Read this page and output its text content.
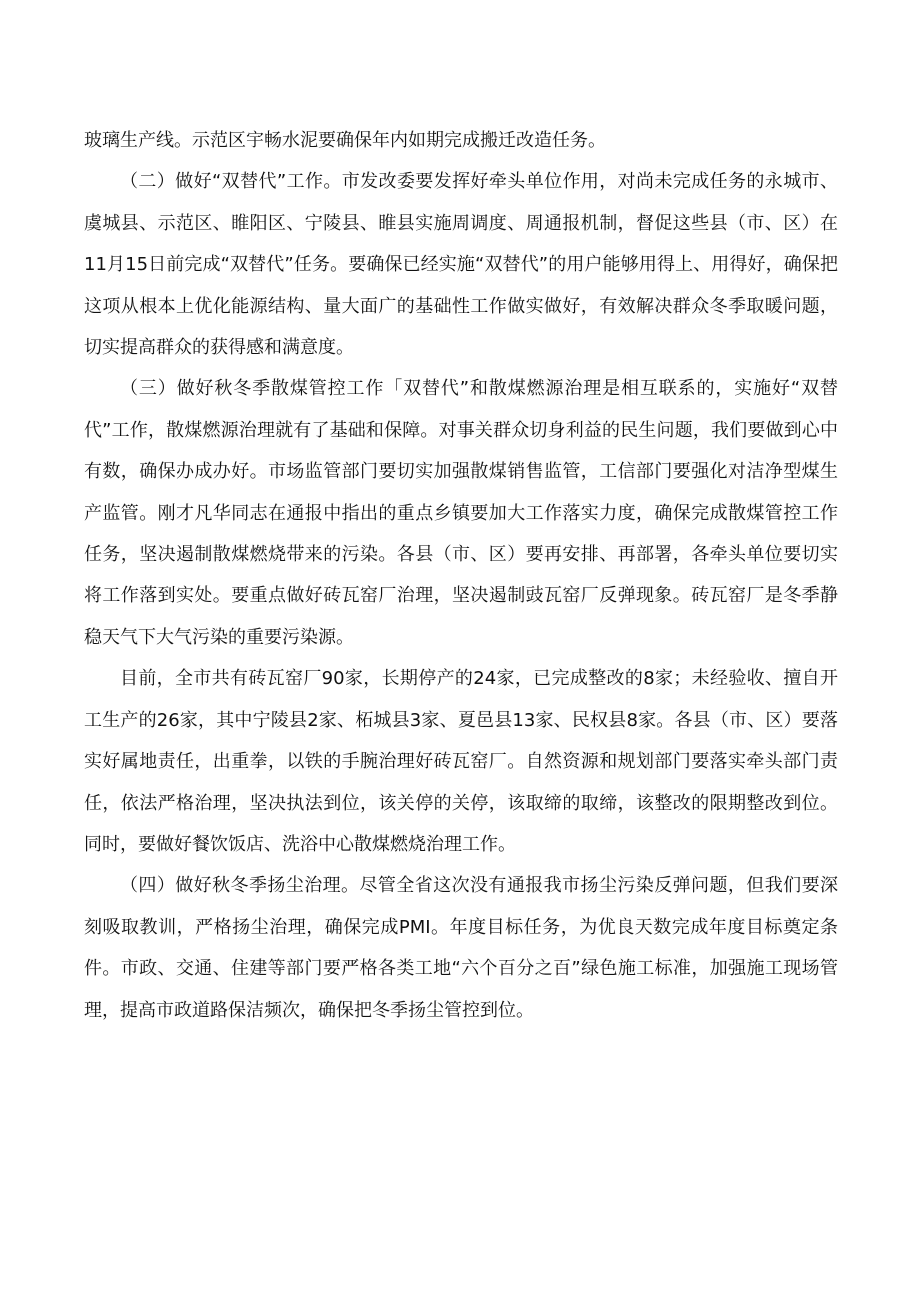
玻璃生产线。示范区宇畅水泥要确保年内如期完成搬迁改造任务。

（二）做好“双替代”工作。市发改委要发挥好牵头单位作用，对尚未完成任务的永城市、虞城县、示范区、睢阳区、宁陵县、睢县实施周调度、周通报机制，督促这些县（市、区）在11月15日前完成“双替代”任务。要确保已经实施“双替代”的用户能够用得上、用得好，确保把这项从根本上优化能源结构、量大面广的基础性工作做实做好，有效解决群众冬季取暖问题，切实提高群众的获得感和满意度。

（三）做好秋冬季散煤管控工作「双替代”和散煤燃源治理是相互联系的，实施好“双替代”工作，散煤燃源治理就有了基础和保障。对事关群众切身利益的民生问题，我们要做到心中有数，确保办成办好。市场监管部门要切实加强散煤销售监管，工信部门要强化对洁净型煤生产监管。刚才凡华同志在通报中指出的重点乡镇要加大工作落实力度，确保完成散煤管控工作任务，坚决遏制散煤燃烧带来的污染。各县（市、区）要再安排、再部署，各牵头单位要切实将工作落到实处。要重点做好砖瓦窑厂治理，坚决遏制豉瓦窑厂反弹现象。砖瓦窑厂是冬季静稳天气下大气污染的重要污染源。

目前，全市共有砖瓦窑厂90家，长期停产的24家，已完成整改的8家；未经验收、擅自开工生产的26家，其中宁陵县2家、柘城县3家、夏邑县13家、民权县8家。各县（市、区）要落实好属地责任，出重拳，以铁的手腕治理好砖瓦窑厂。自然资源和规划部门要落实牵头部门责任，依法严格治理，坚决执法到位，该关停的关停，该取缔的取缔，该整改的限期整改到位。同时，要做好餐饮饭店、洗浴中心散煤燃烧治理工作。

（四）做好秋冬季扬尘治理。尽管全省这次没有通报我市扬尘污染反弹问题，但我们要深刻吸取教训，严格扬尘治理，确保完成PMI。年度目标任务，为优良天数完成年度目标奠定条件。市政、交通、住建等部门要严格各类工地“六个百分之百”绿色施工标准，加强施工现场管理，提高市政道路保洁频次，确保把冬季扬尘管控到位。
